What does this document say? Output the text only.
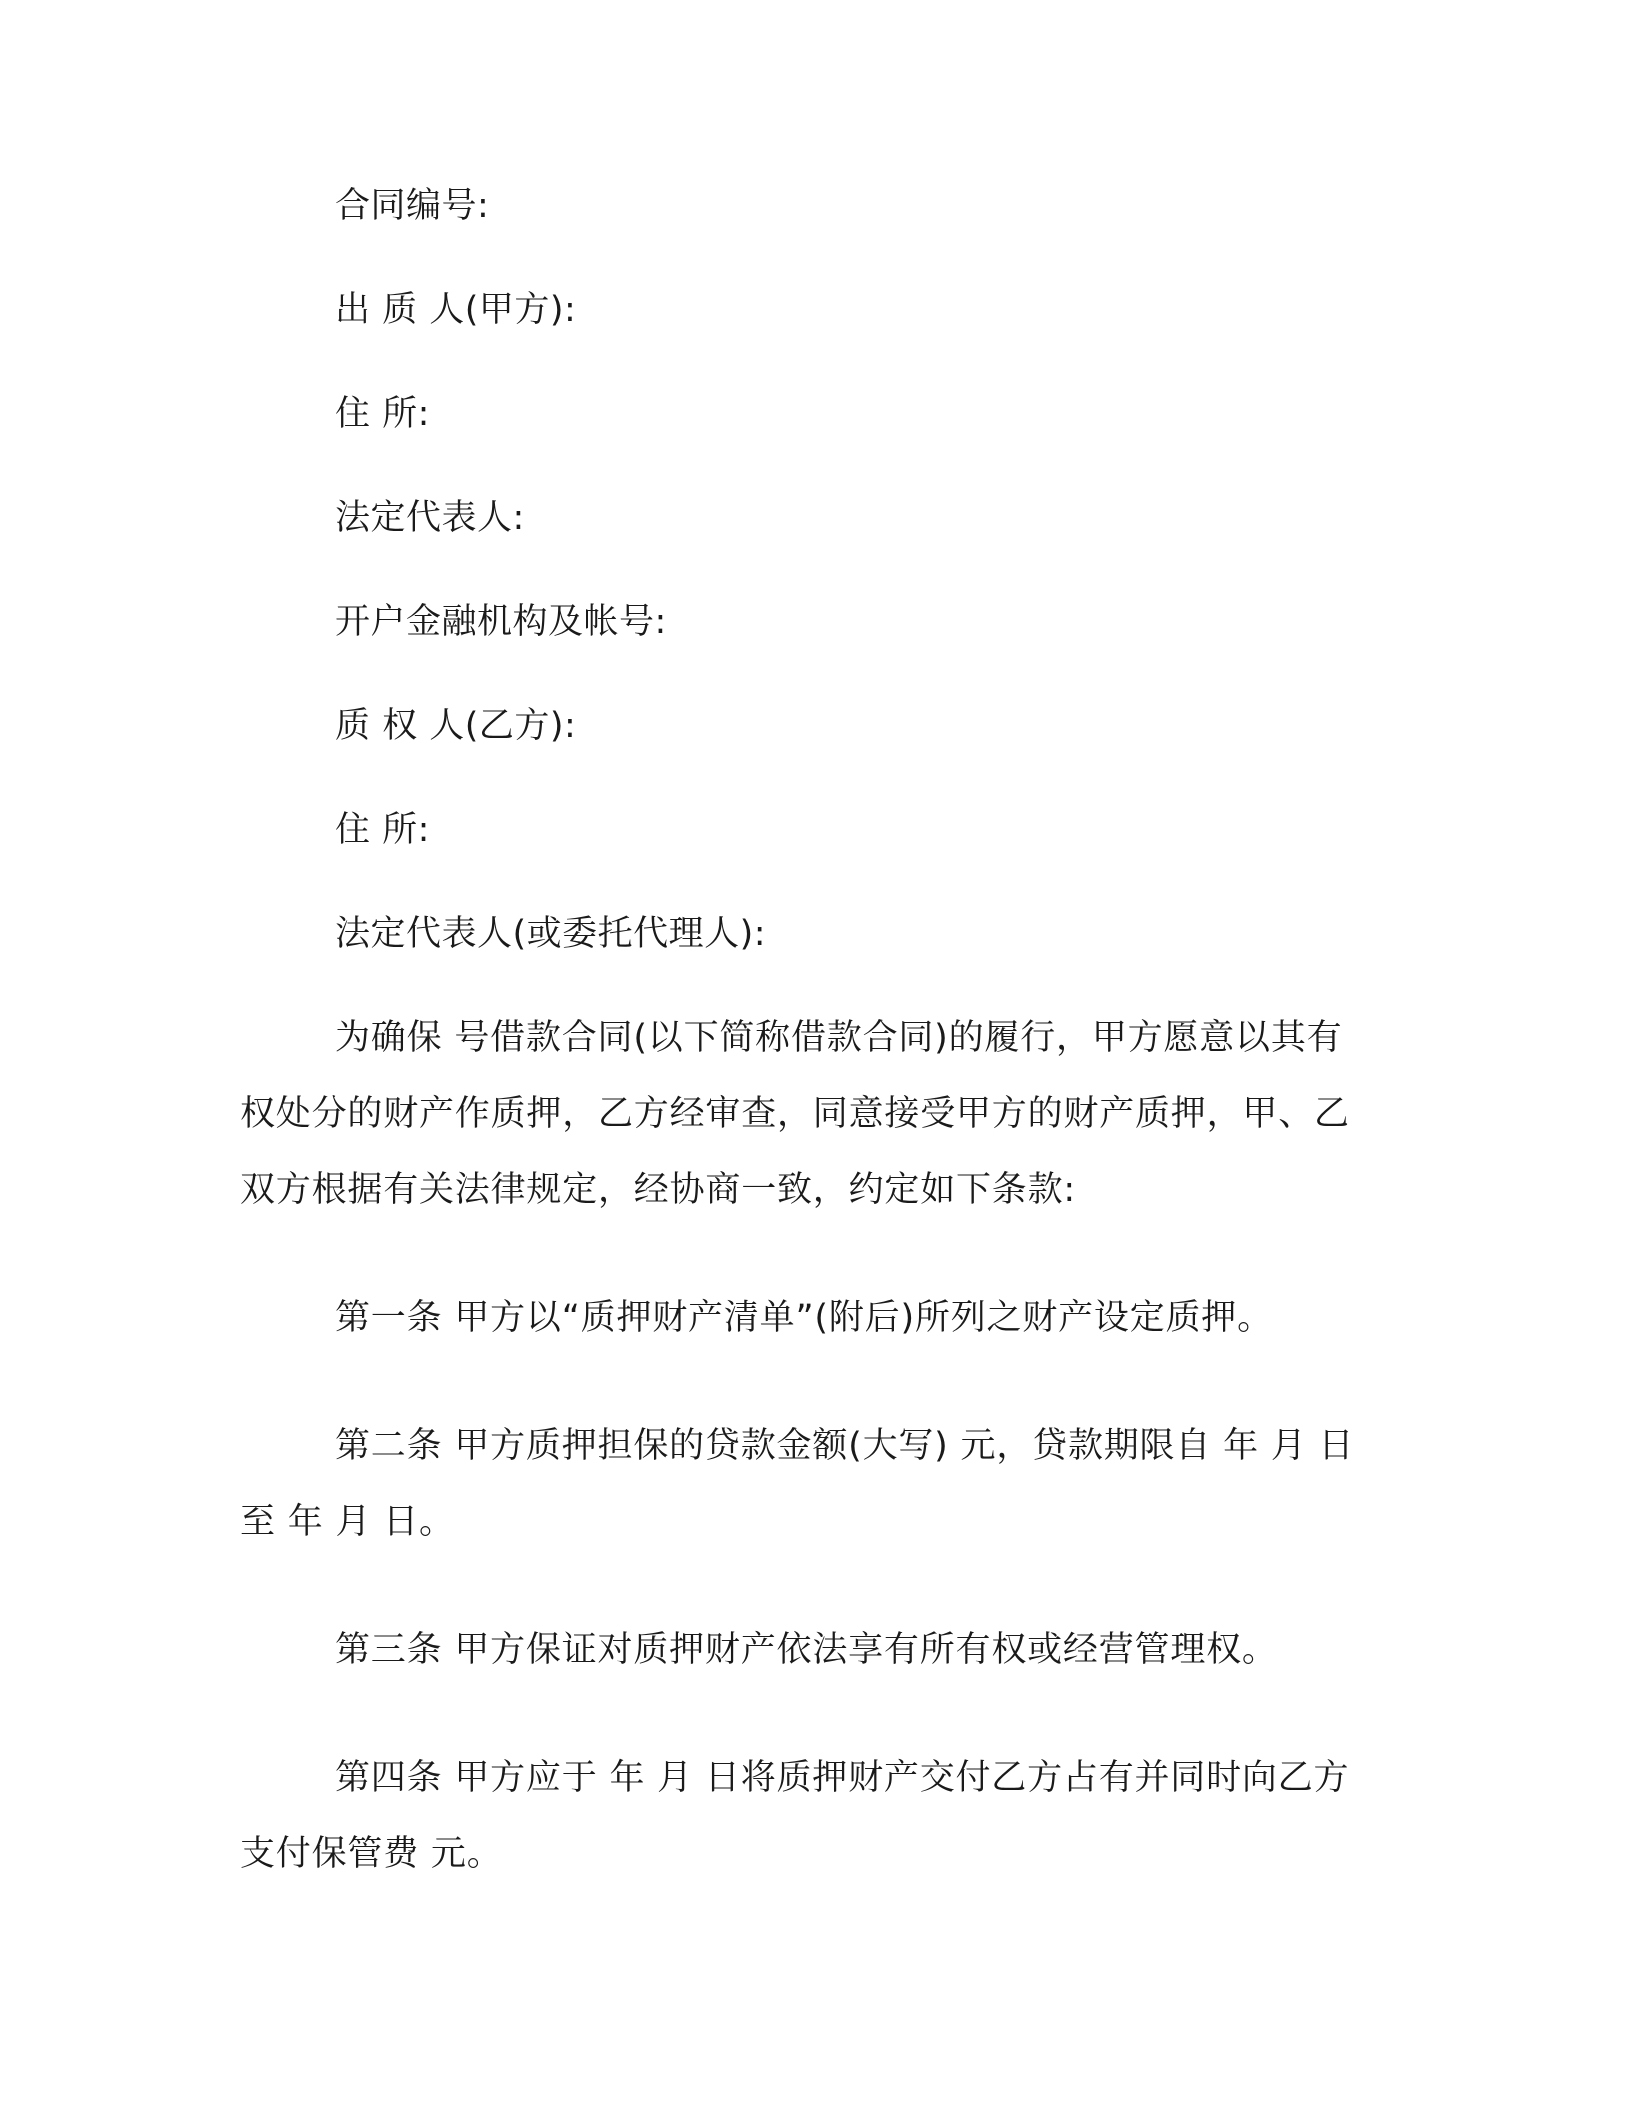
合同编号:

出 质 人(甲方):

住 所:

法定代表人:

开户金融机构及帐号:

质 权 人(乙方):

住 所:

法定代表人(或委托代理人):

为确保 号借款合同(以下简称借款合同)的履行，甲方愿意以其有权处分的财产作质押，乙方经审查，同意接受甲方的财产质押，甲、乙双方根据有关法律规定，经协商一致，约定如下条款:

第一条 甲方以“质押财产清单”(附后)所列之财产设定质押。

第二条 甲方质押担保的贷款金额(大写) 元，贷款期限自 年 月 日至 年 月 日。

第三条 甲方保证对质押财产依法享有所有权或经营管理权。

第四条 甲方应于 年 月 日将质押财产交付乙方占有并同时向乙方支付保管费 元。
